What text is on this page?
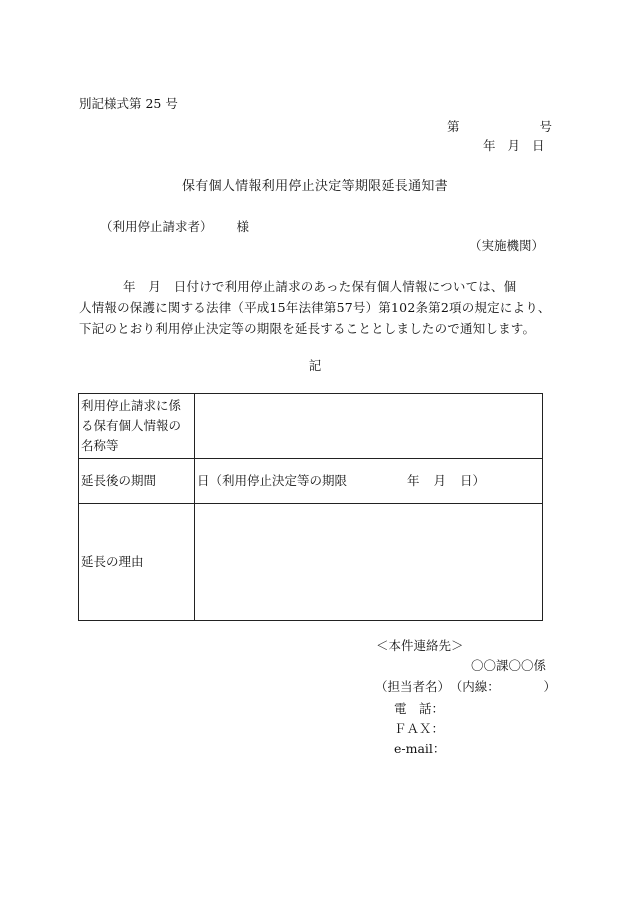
別記様式第 25 号
第	号
年 月 日
保有個人情報利用停止決定等期限延長通知書
（利用停止請求者） 様
（実施機関）

年　月　日付けで利用停止請求のあった保有個人情報については、個

人情報の保護に関する法律（平成15年法律第57号）第102条第2項の規定により、

下記のとおり利用停止決定等の期限を延長することとしましたので通知します。

記
利用停止請求に係
る保有個人情報の
名称等	

延長後の期間	日（利用停止決定等の期限 年 月 日）
延長の理由	
＜本件連絡先＞
〇〇課〇〇係
（担当者名） （内線：　　　　）
電　話：
ＦＡＸ：
e-mail：
